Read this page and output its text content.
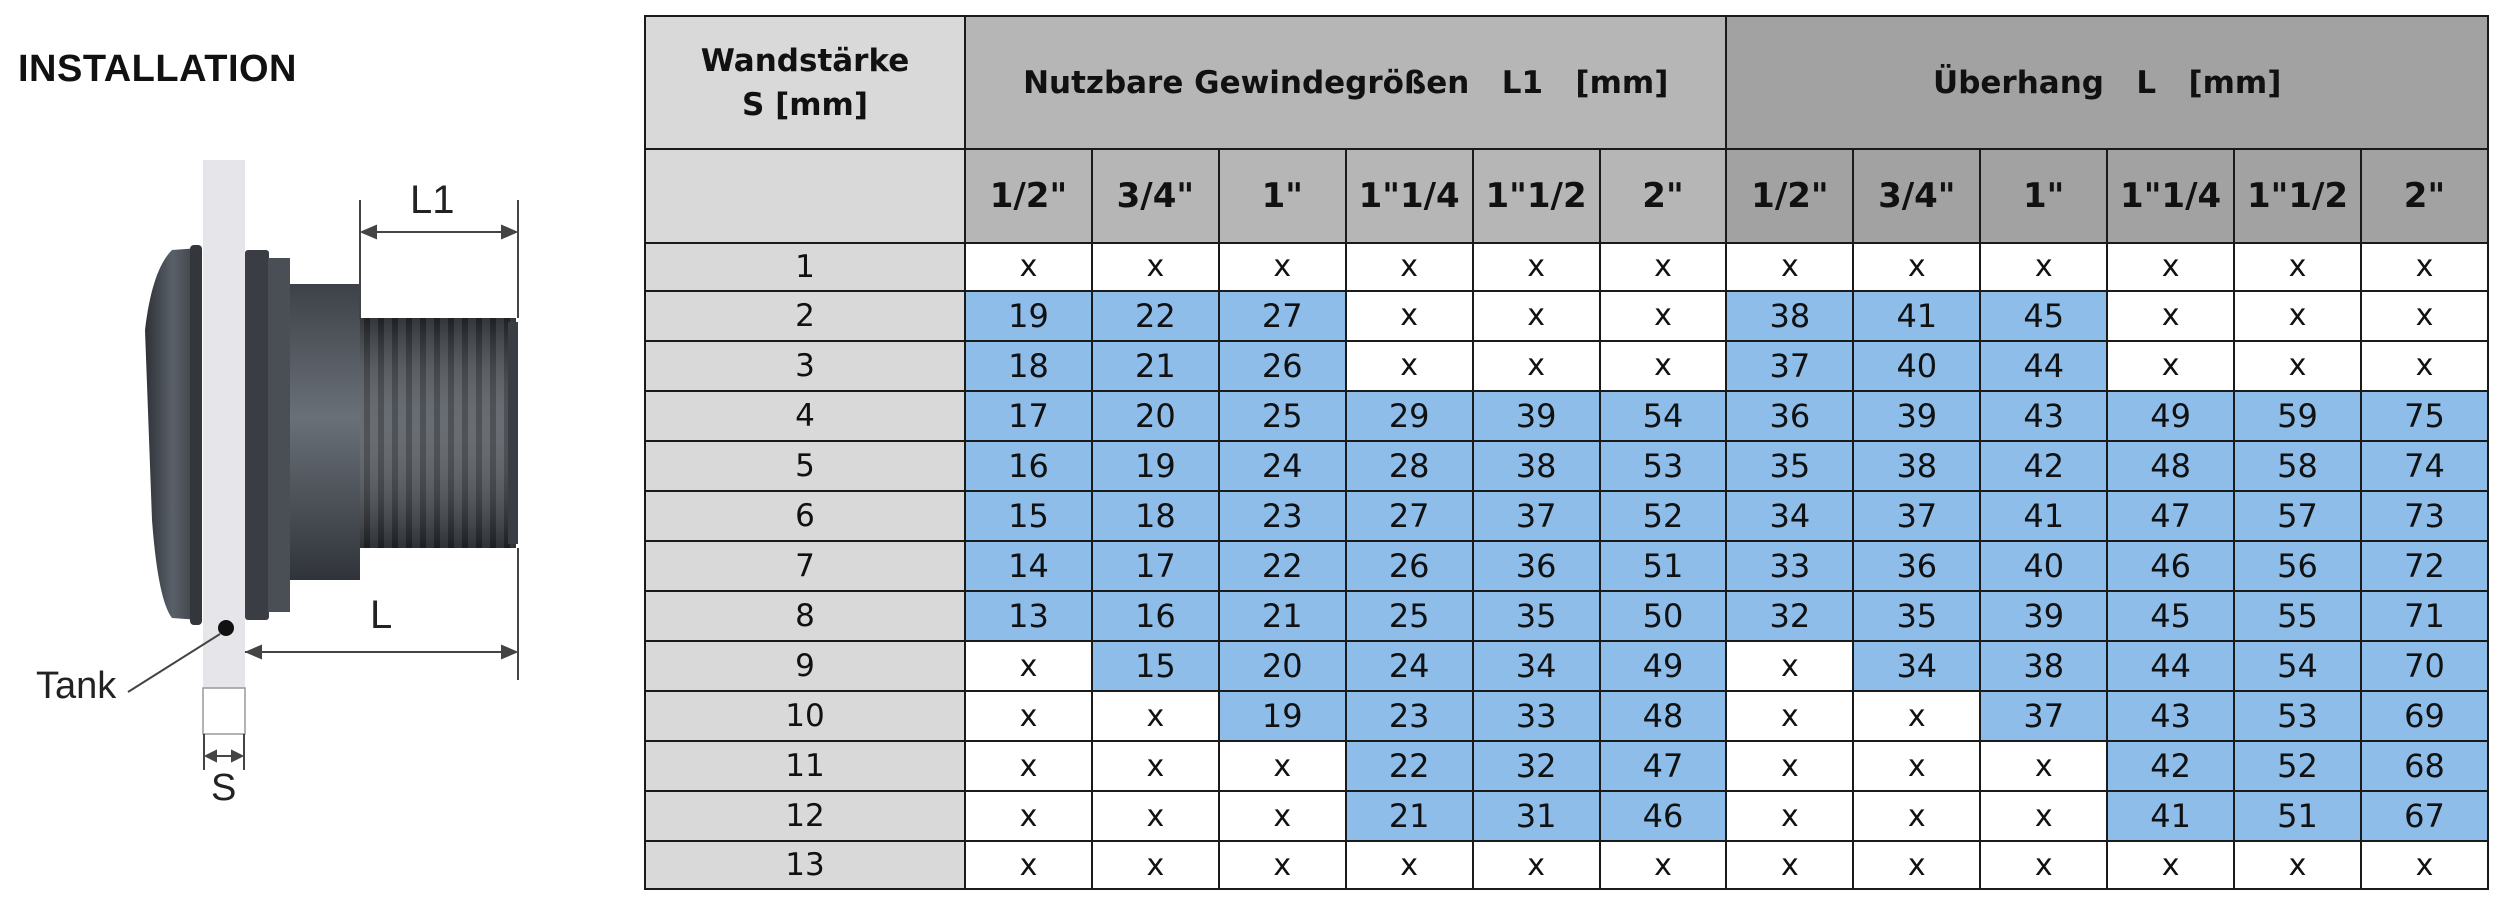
INSTALLATION
L1
L
Tank
S
Wandstärke
S [mm]	Nutzbare Gewindegrößen   L1   [mm]						Überhang   L   [mm]					
	1/2"	3/4"	1"	1"1/4	1"1/2	2"	1/2"	3/4"	1"	1"1/4	1"1/2	2"
1	x	x	x	x	x	x	x	x	x	x	x	x
2	19	22	27	x	x	x	38	41	45	x	x	x
3	18	21	26	x	x	x	37	40	44	x	x	x
4	17	20	25	29	39	54	36	39	43	49	59	75
5	16	19	24	28	38	53	35	38	42	48	58	74
6	15	18	23	27	37	52	34	37	41	47	57	73
7	14	17	22	26	36	51	33	36	40	46	56	72
8	13	16	21	25	35	50	32	35	39	45	55	71
9	x	15	20	24	34	49	x	34	38	44	54	70
10	x	x	19	23	33	48	x	x	37	43	53	69
11	x	x	x	22	32	47	x	x	x	42	52	68
12	x	x	x	21	31	46	x	x	x	41	51	67
13	x	x	x	x	x	x	x	x	x	x	x	x
